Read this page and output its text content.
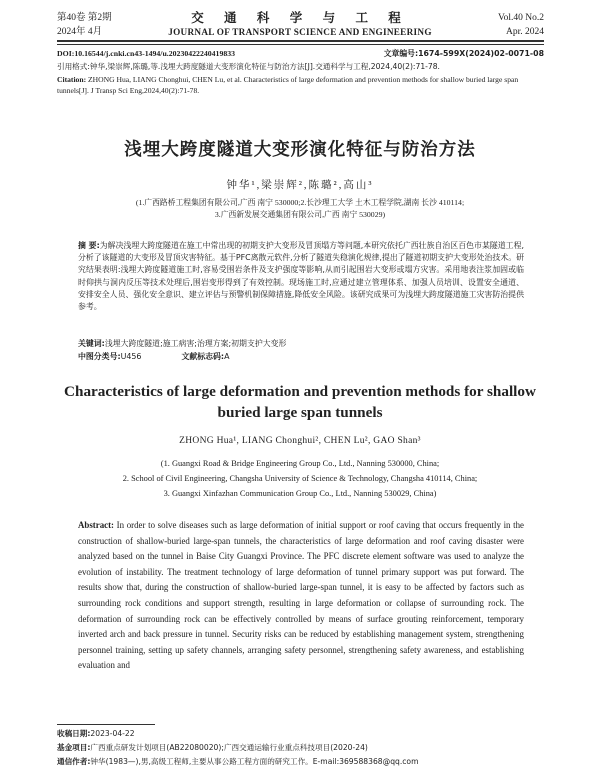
第40卷 第2期
2024年 4月
交 通 科 学 与 工 程
JOURNAL OF TRANSPORT SCIENCE AND ENGINEERING
Vol.40 No.2
Apr. 2024
DOI:10.16544/j.cnki.cn43-1494/u.20230422240419833	文章编号:1674-599X(2024)02-0071-08
引用格式:钟华,梁崇辉,陈璐,等.浅埋大跨度隧道大变形演化特征与防治方法[J].交通科学与工程,2024,40(2):71-78.
Citation: ZHONG Hua, LIANG Chonghui, CHEN Lu, et al. Characteristics of large deformation and prevention methods for shallow buried large span tunnels[J]. J Transp Sci Eng,2024,40(2):71-78.
浅埋大跨度隧道大变形演化特征与防治方法
钟华¹,梁崇辉²,陈璐²,高山³
(1.广西路桥工程集团有限公司,广西 南宁 530000;2.长沙理工大学 土木工程学院,湖南 长沙 410114;
3.广西新发展交通集团有限公司,广西 南宁 530029)
摘 要:为解决浅埋大跨度隧道在施工中常出现的初期支护大变形及冒顶塌方等问题,本研究依托广西壮族自治区百色市某隧道工程,分析了该隧道的大变形及冒顶灾害特征。基于PFC离散元软件,分析了隧道失稳演化规律,提出了隧道初期支护大变形处治技术。研究结果表明:浅埋大跨度隧道施工时,容易受围岩条件及支护强度等影响,从而引起围岩大变形或塌方灾害。采用地表注浆加固或临时仰拱与洞内反压等技术处理后,围岩变形得到了有效控制。现场施工时,应通过建立管理体系、加强人员培训、设置安全通道、安排安全人员、强化安全意识、建立评估与预警机制保障措施,降低安全风险。该研究成果可为浅埋大跨度隧道施工灾害防治提供参考。
关键词:浅埋大跨度隧道;施工病害;治理方案;初期支护大变形
中图分类号:U456	文献标志码:A
Characteristics of large deformation and prevention methods for shallow buried large span tunnels
ZHONG Hua¹, LIANG Chonghui², CHEN Lu², GAO Shan³
(1. Guangxi Road & Bridge Engineering Group Co., Ltd., Nanning 530000, China;
2. School of Civil Engineering, Changsha University of Science & Technology, Changsha 410114, China;
3. Guangxi Xinfazhan Communication Group Co., Ltd., Nanning 530029, China)
Abstract: In order to solve diseases such as large deformation of initial support or roof caving that occurs frequently in the construction of shallow-buried large-span tunnels, the characteristics of large deformation and roof caving disaster were analyzed based on the tunnel in Baise City Guangxi Province. The PFC discrete element software was used to analyze the evolution of instability. The treatment technology of large deformation of tunnel primary support was put forward. The results show that, during the construction of shallow-buried large-span tunnel, it is easy to be affected by factors such as surrounding rock conditions and support strength, resulting in large deformation or collapse of surrounding rock. The deformation of surrounding rock can be effectively controlled by means of surface grouting reinforcement, temporary inverted arch and back pressure in tunnel. Security risks can be reduced by establishing management system, strengthening personnel training, setting up safety channels, arranging safety personnel, strengthening safety awareness, and establishing evaluation and
收稿日期:2023-04-22
基金项目:广西重点研发计划项目(AB22080020);广西交通运输行业重点科技项目(2020-24)
通信作者:钟华(1983—),男,高级工程师,主要从事公路工程方面的研究工作。E-mail:369588368@qq.com
